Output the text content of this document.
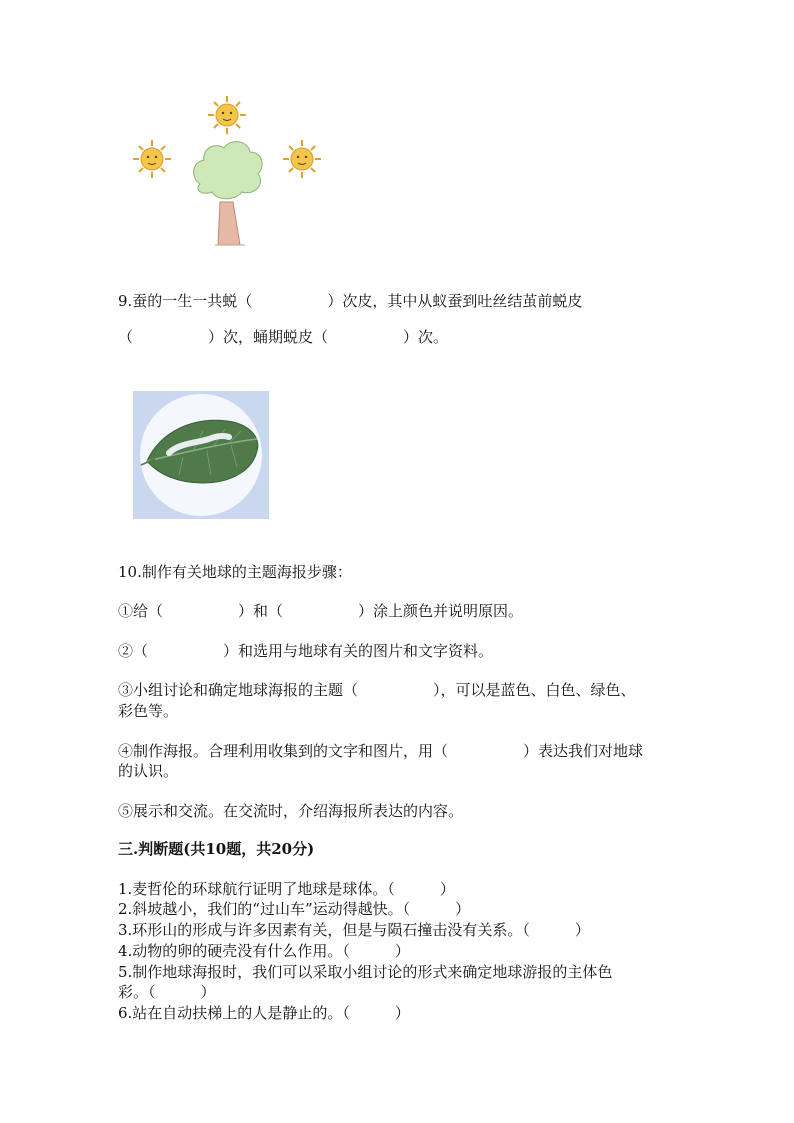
9.蚕的一生一共蜕（　　　　　）次皮，其中从蚁蚕到吐丝结茧前蜕皮
（　　　　　）次，蛹期蜕皮（　　　　　）次。
10.制作有关地球的主题海报步骤：
①给（　　　　　）和（　　　　　）涂上颜色并说明原因。
②（　　　　　）和选用与地球有关的图片和文字资料。
③小组讨论和确定地球海报的主题（　　　　　），可以是蓝色、白色、绿色、
彩色等。
④制作海报。合理利用收集到的文字和图片，用（　　　　　）表达我们对地球
的认识。
⑤展示和交流。在交流时，介绍海报所表达的内容。
三.判断题(共10题，共20分)
1.麦哲伦的环球航行证明了地球是球体。（　　　）
2.斜坡越小，我们的“过山车”运动得越快。（　　　）
3.环形山的形成与许多因素有关，但是与陨石撞击没有关系。（　　　）
4.动物的卵的硬壳没有什么作用。（　　　）
5.制作地球海报时，我们可以采取小组讨论的形式来确定地球游报的主体色
彩。（　　　）
6.站在自动扶梯上的人是静止的。（　　　）
